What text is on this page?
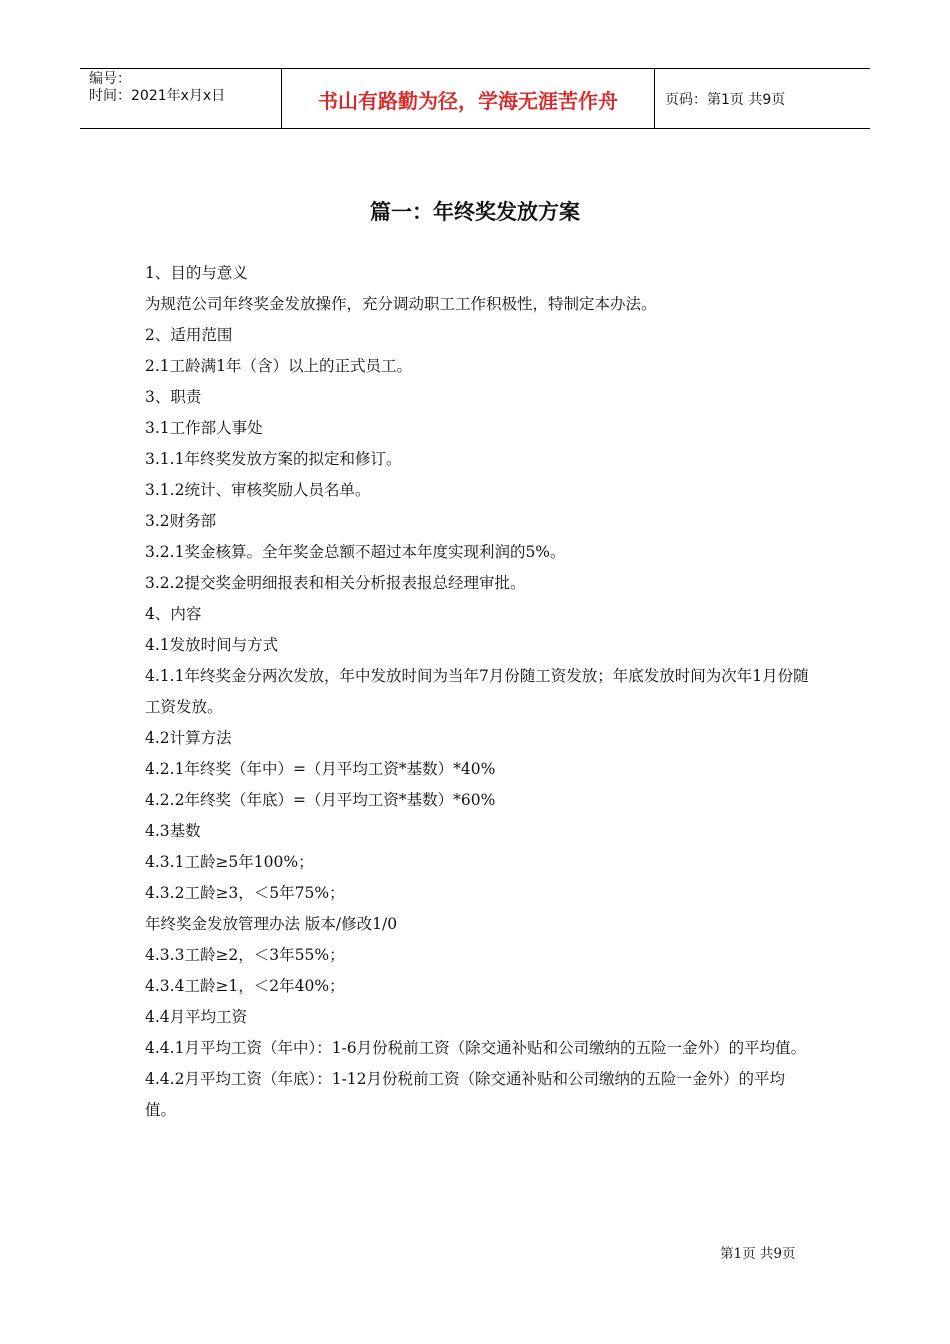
编号：
时间：2021年x月x日	书山有路勤为径，学海无涯苦作舟	页码：第1页 共9页
篇一：年终奖发放方案

1、目的与意义

为规范公司年终奖金发放操作，充分调动职工工作积极性，特制定本办法。

2、适用范围

2.1工龄满1年（含）以上的正式员工。

3、职责

3.1工作部人事处

3.1.1年终奖发放方案的拟定和修订。

3.1.2统计、审核奖励人员名单。

3.2财务部

3.2.1奖金核算。全年奖金总额不超过本年度实现利润的5%。

3.2.2提交奖金明细报表和相关分析报表报总经理审批。

4、内容

4.1发放时间与方式

4.1.1年终奖金分两次发放，年中发放时间为当年7月份随工资发放；年底发放时间为次年1月份随工资发放。

4.2计算方法

4.2.1年终奖（年中）=（月平均工资*基数）*40%

4.2.2年终奖（年底）=（月平均工资*基数）*60%

4.3基数

4.3.1工龄≥5年100%；

4.3.2工龄≥3，＜5年75%；

年终奖金发放管理办法 版本/修改1/0

4.3.3工龄≥2，＜3年55%；

4.3.4工龄≥1，＜2年40%；

4.4月平均工资

4.4.1月平均工资（年中）：1-6月份税前工资（除交通补贴和公司缴纳的五险一金外）的平均值。

4.4.2月平均工资（年底）：1-12月份税前工资（除交通补贴和公司缴纳的五险一金外）的平均值。

第1页 共9页
